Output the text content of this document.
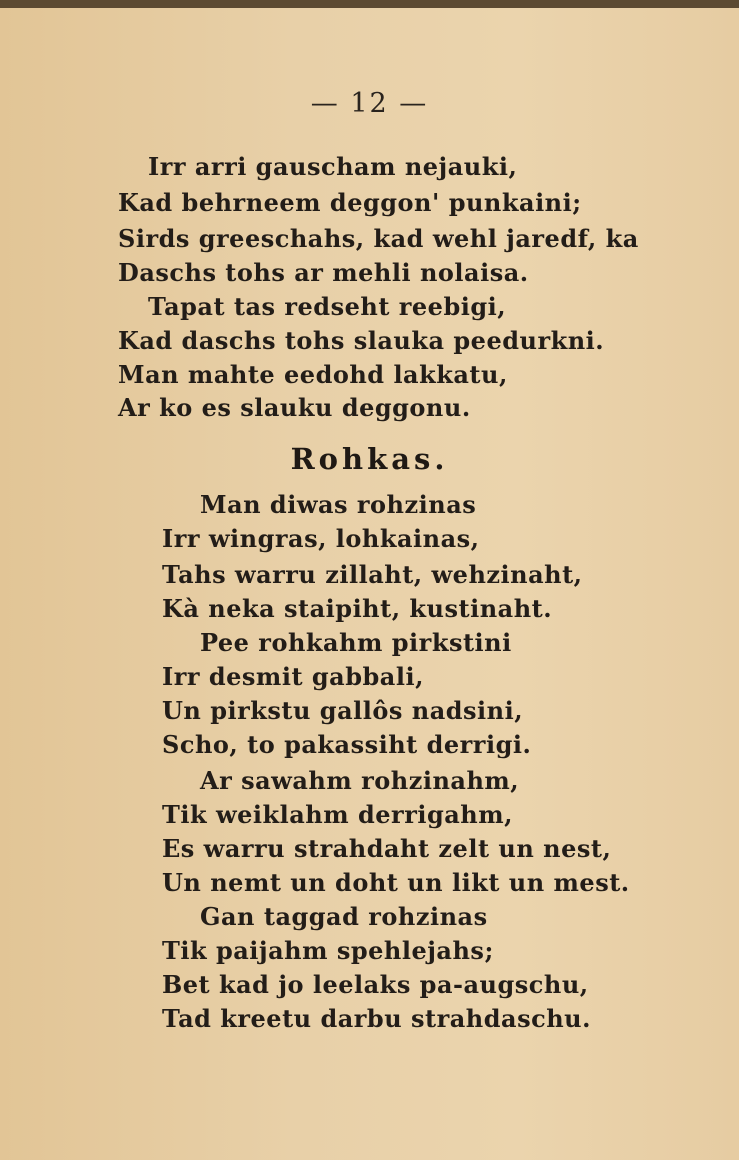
— 12 —
Irr arri gauscham nejauki,
Kad behrneem deggon' punkaini;
Sirds greeschahs, kad wehl jaredf, ka
Daschs tohs ar mehli nolaisa.
Tapat tas redseht reebigi,
Kad daschs tohs slauka peedurkni.
Man mahte eedohd lakkatu,
Ar ko es slauku deggonu.
Rohkas.
Man diwas rohzinas
Irr wingras, lohkainas,
Tahs warru zillaht, wehzinaht,
Kà neka staipiht, kustinaht.
Pee rohkahm pirkstini
Irr desmit gabbali,
Un pirkstu gallôs nadsini,
Scho, to pakassiht derrigi.
Ar sawahm rohzinahm,
Tik weiklahm derrigahm,
Es warru strahdaht zelt un nest,
Un nemt un doht un likt un mest.
Gan taggad rohzinas
Tik paijahm spehlejahs;
Bet kad jo leelaks pa-augschu,
Tad kreetu darbu strahdaschu.
